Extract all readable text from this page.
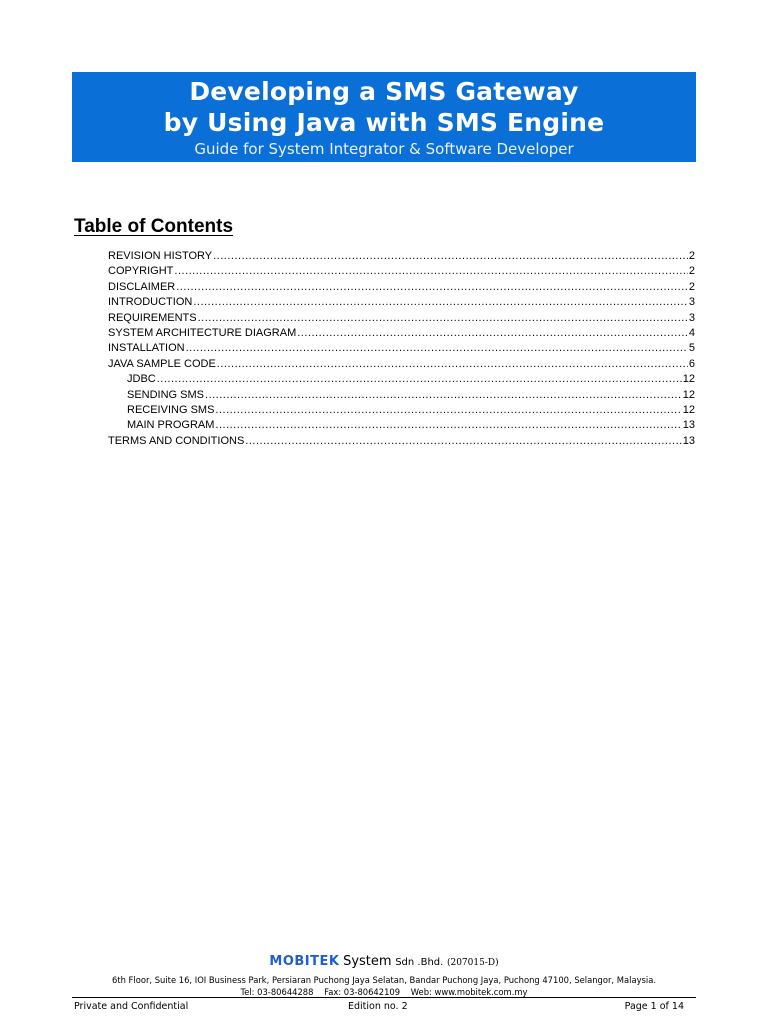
Developing a SMS Gateway
by Using Java with SMS Engine
Guide for System Integrator & Software Developer
Table of Contents
REVISION HISTORY .....	2
COPYRIGHT .....	2
DISCLAIMER .....	2
INTRODUCTION .....	3
REQUIREMENTS .....	3
SYSTEM ARCHITECTURE DIAGRAM .....	4
INSTALLATION .....	5
JAVA SAMPLE CODE .....	6
JDBC .....	12
SENDING SMS .....	12
RECEIVING SMS .....	12
MAIN PROGRAM .....	13
TERMS AND CONDITIONS .....	13
MOBITEK System Sdn .Bhd. (207015-D)
6th Floor, Suite 16, IOI Business Park, Persiaran Puchong Jaya Selatan, Bandar Puchong Jaya, Puchong 47100, Selangor, Malaysia.
Tel: 03-80644288 Fax: 03-80642109 Web: www.mobitek.com.my
Private and Confidential	Edition no. 2	Page 1 of 14
